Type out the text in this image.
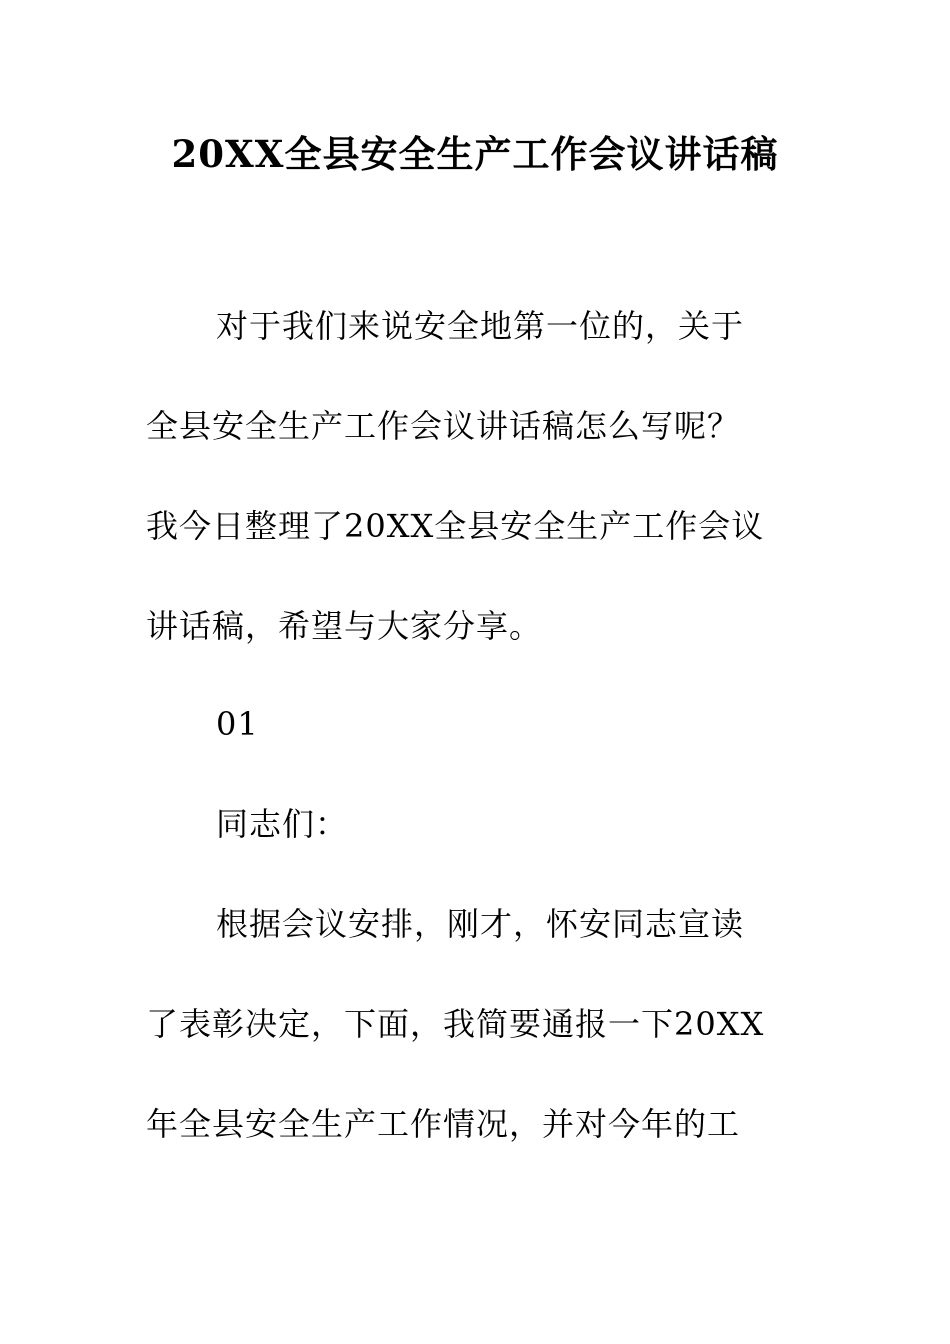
20XX全县安全生产工作会议讲话稿
对于我们来说安全地第一位的，关于
全县安全生产工作会议讲话稿怎么写呢？
我今日整理了20XX全县安全生产工作会议
讲话稿，希望与大家分享。
01
同志们：
根据会议安排，刚才，怀安同志宣读
了表彰决定，下面，我简要通报一下20XX
年全县安全生产工作情况，并对今年的工
